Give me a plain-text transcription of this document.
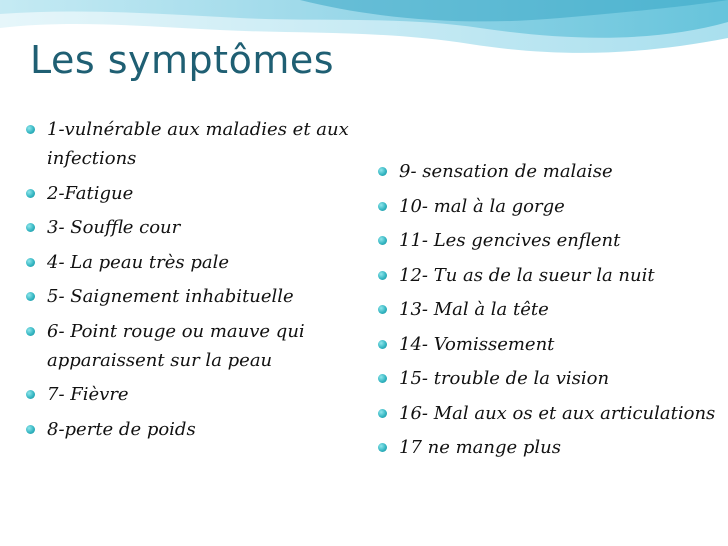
Les symptômes
1-vulnérable aux maladies et aux infections
2-Fatigue
3- Souffle cour
4- La peau très pale
5- Saignement inhabituelle
6- Point rouge ou mauve qui apparaissent sur la peau
7- Fièvre
8-perte de poids
9- sensation de malaise
10- mal à la gorge
11- Les gencives enflent
12- Tu as de la sueur la nuit
13- Mal à la tête
14- Vomissement
15- trouble de la vision
16- Mal aux os et aux articulations
17 ne mange plus
